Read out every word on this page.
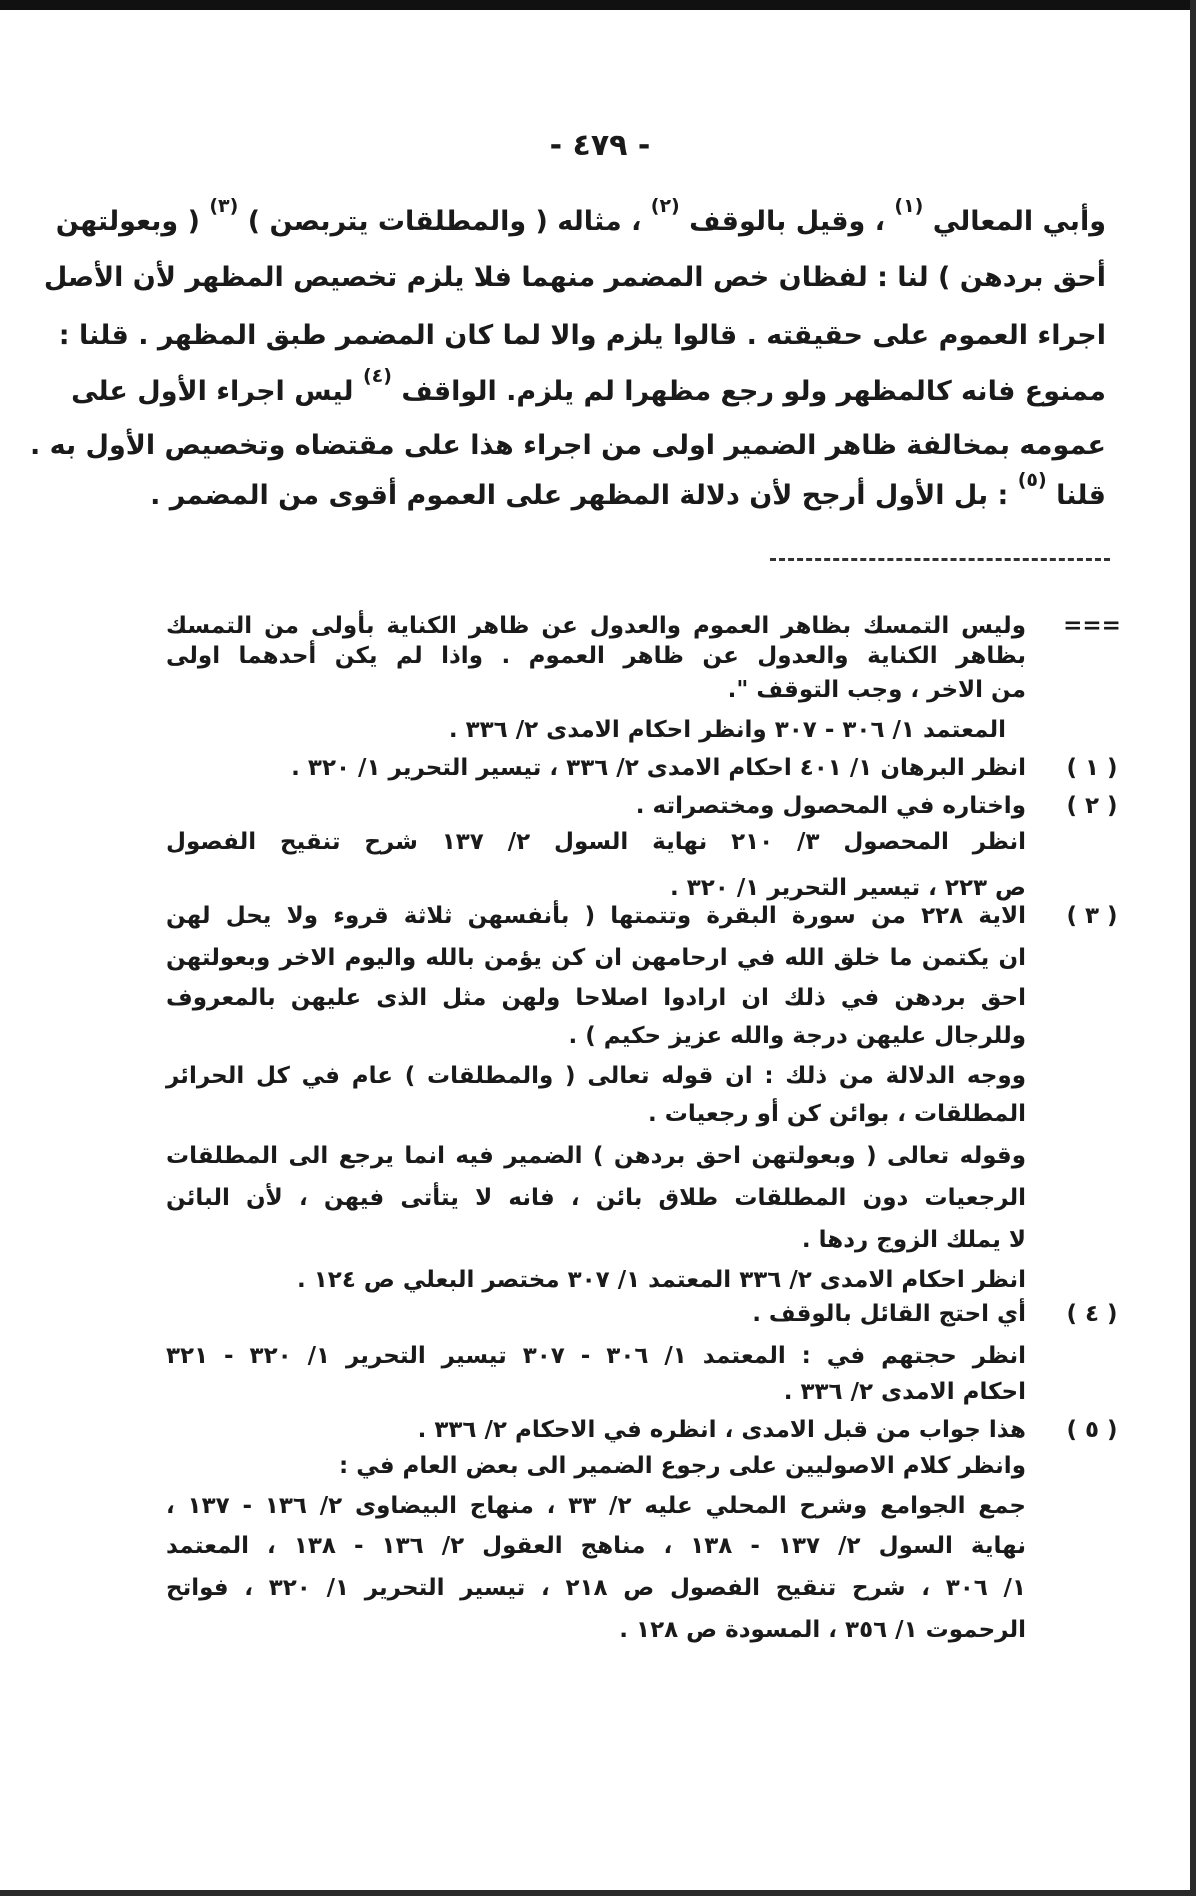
- ٤٧٩ -
وأبي المعالي $^{(١)}$ ، وقيل بالوقف $^{(٢)}$ ، مثاله ( والمطلقات يتربصن ) $^{(٣)}$ ( وبعولتهن
أحق بردهن ) لنا : لفظان خص المضمر منهما فلا يلزم تخصيص المظهر لأن الأصل
اجراء العموم على حقيقته . قالوا يلزم والا لما كان المضمر طبق المظهر . قلنا :
ممنوع فانه كالمظهر ولو رجع مظهرا لم يلزم. الواقف $^{(٤)}$ ليس اجراء الأول على
عمومه بمخالفة ظاهر الضمير اولى من اجراء هذا على مقتضاه وتخصيص الأول به .
قلنا $^{(٥)}$ : بل الأول أرجح لأن دلالة المظهر على العموم أقوى من المضمر .
===
وليس التمسك بظاهر العموم والعدول عن ظاهر الكناية بأولى من التمسك
بظاهر الكناية والعدول عن ظاهر العموم . واذا لم يكن أحدهما اولى
من الاخر ، وجب التوقف ".
المعتمد ١/ ٣٠٦ - ٣٠٧ وانظر احكام الامدى ٢/ ٣٣٦ .
( ١ )
انظر البرهان ١/ ٤٠١ احكام الامدى ٢/ ٣٣٦ ، تيسير التحرير ١/ ٣٢٠ .
( ٢ )
واختاره في المحصول ومختصراته .
انظر المحصول ٣/ ٢١٠ نهاية السول ٢/ ١٣٧ شرح تنقيح الفصول
ص ٢٢٣ ، تيسير التحرير ١/ ٣٢٠ .
( ٣ )
الاية ٢٢٨ من سورة البقرة وتتمتها ( بأنفسهن ثلاثة قروء ولا يحل لهن
ان يكتمن ما خلق الله في ارحامهن ان كن يؤمن بالله واليوم الاخر وبعولتهن
احق بردهن في ذلك ان ارادوا اصلاحا ولهن مثل الذى عليهن بالمعروف
وللرجال عليهن درجة والله عزيز حكيم ) .
ووجه الدلالة من ذلك : ان قوله تعالى ( والمطلقات ) عام في كل الحرائر
المطلقات ، بوائن كن أو رجعيات .
وقوله تعالى ( وبعولتهن احق بردهن ) الضمير فيه انما يرجع الى المطلقات
الرجعيات دون المطلقات طلاق بائن ، فانه لا يتأتى فيهن ، لأن البائن
لا يملك الزوج ردها .
انظر احكام الامدى ٢/ ٣٣٦ المعتمد ١/ ٣٠٧ مختصر البعلي ص ١٢٤ .
( ٤ )
أي احتج القائل بالوقف .
انظر حجتهم في : المعتمد ١/ ٣٠٦ - ٣٠٧ تيسير التحرير ١/ ٣٢٠ - ٣٢١
احكام الامدى ٢/ ٣٣٦ .
( ٥ )
هذا جواب من قبل الامدى ، انظره في الاحكام ٢/ ٣٣٦ .
وانظر كلام الاصوليين على رجوع الضمير الى بعض العام في :
جمع الجوامع وشرح المحلي عليه ٢/ ٣٣ ، منهاج البيضاوى ٢/ ١٣٦ - ١٣٧ ،
نهاية السول ٢/ ١٣٧ - ١٣٨ ، مناهج العقول ٢/ ١٣٦ - ١٣٨ ، المعتمد
١/ ٣٠٦ ، شرح تنقيح الفصول ص ٢١٨ ، تيسير التحرير ١/ ٣٢٠ ، فواتح
الرحموت ١/ ٣٥٦ ، المسودة ص ١٢٨ .
